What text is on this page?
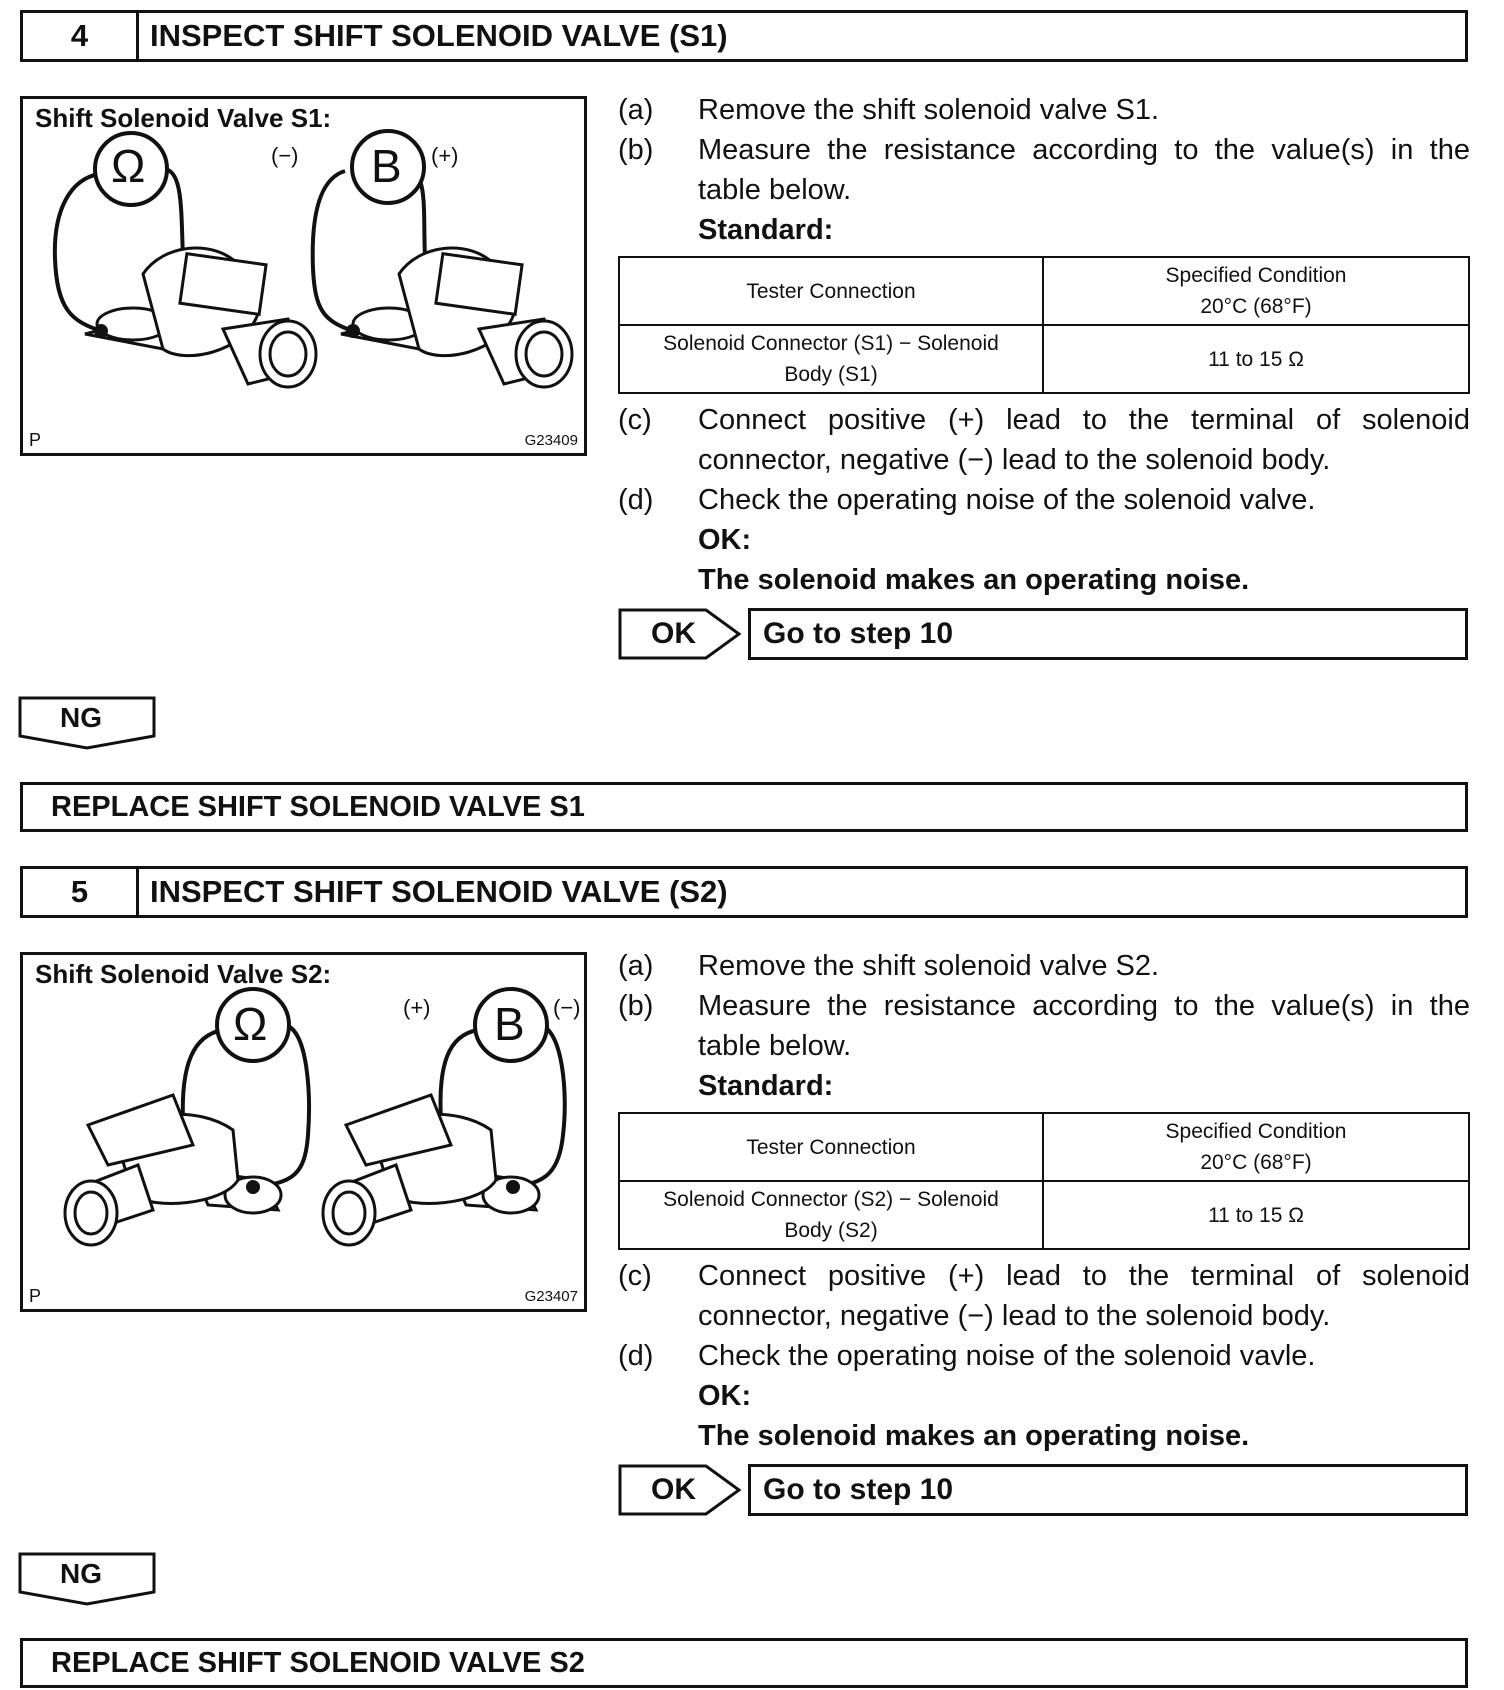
4	INSPECT SHIFT SOLENOID VALVE (S1)
Shift Solenoid Valve S1:
Ω	B
(−)	(+)
P	G23409
(a)	Remove the shift solenoid valve S1.
(b)	Measure the resistance according to the value(s) in the table below.
Standard:
Tester Connection	Specified Condition
20°C (68°F)
Solenoid Connector (S1) − Solenoid
Body (S1)	11 to 15 Ω
(c)	Connect positive (+) lead to the terminal of solenoid connector, negative (−) lead to the solenoid body.
(d)	Check the operating noise of the solenoid valve.
OK:
The solenoid makes an operating noise.
OK	Go to step 10
NG
REPLACE SHIFT SOLENOID VALVE S1
5	INSPECT SHIFT SOLENOID VALVE (S2)
Shift Solenoid Valve S2:
Ω	B
(+)	(−)
P	G23407
(a)	Remove the shift solenoid valve S2.
(b)	Measure the resistance according to the value(s) in the table below.
Standard:
Tester Connection	Specified Condition
20°C (68°F)
Solenoid Connector (S2) − Solenoid
Body (S2)	11 to 15 Ω
(c)	Connect positive (+) lead to the terminal of solenoid connector, negative (−) lead to the solenoid body.
(d)	Check the operating noise of the solenoid vavle.
OK:
The solenoid makes an operating noise.
OK	Go to step 10
NG
REPLACE SHIFT SOLENOID VALVE S2
